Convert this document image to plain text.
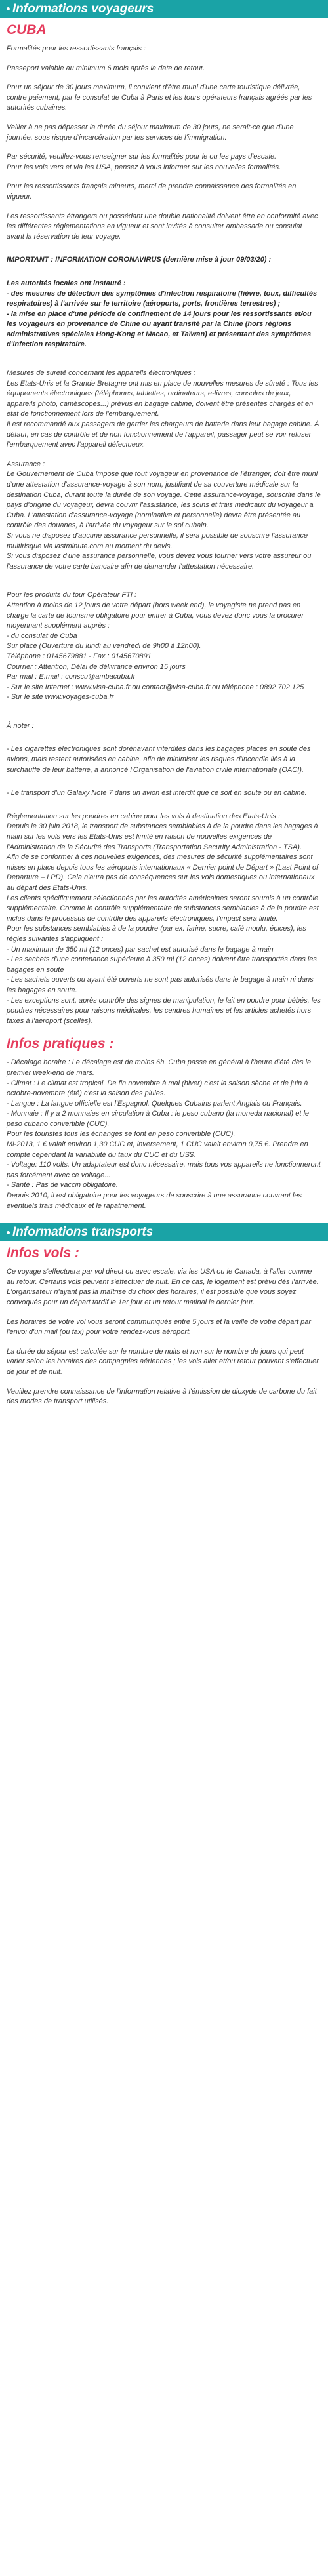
Informations voyageurs
CUBA

Formalités pour les ressortissants français :

Passeport valable au minimum 6 mois après la date de retour.

Pour un séjour de 30 jours maximum, il convient d'être muni d'une carte touristique délivrée, contre paiement, par le consulat de Cuba à Paris et les tours opérateurs français agréés par les autorités cubaines.

Veiller à ne pas dépasser la durée du séjour maximum de 30 jours, ne serait-ce que d'une journée, sous risque d'incarcération par les services de l'immigration.

Par sécurité, veuillez-vous renseigner sur les formalités pour le ou les pays d'escale.
Pour les vols vers et via les USA, pensez à vous informer sur les nouvelles formalités.

Pour les ressortissants français mineurs, merci de prendre connaissance des formalités en vigueur.

Les ressortissants étrangers ou possédant une double nationalité doivent être en conformité avec les différentes réglementations en vigueur et sont invités à consulter ambassade ou consulat avant la réservation de leur voyage.

IMPORTANT : INFORMATION CORONAVIRUS (dernière mise à jour 09/03/20) :

Les autorités locales ont instauré :
- des mesures de détection des symptômes d'infection respiratoire (fièvre, toux, difficultés respiratoires) à l'arrivée sur le territoire (aéroports, ports, frontières terrestres) ;
- la mise en place d'une période de confinement de 14 jours pour les ressortissants et/ou les voyageurs en provenance de Chine ou ayant transité par la Chine (hors régions administratives spéciales Hong-Kong et Macao, et Taïwan) et présentant des symptômes d'infection respiratoire.

Mesures de sureté concernant les appareils électroniques :
Les Etats-Unis et la Grande Bretagne ont mis en place de nouvelles mesures de sûreté : Tous les équipements électroniques (téléphones, tablettes, ordinateurs, e-livres, consoles de jeux, appareils photo, caméscopes...) prévus en bagage cabine, doivent être présentés chargés et en état de fonctionnement lors de l'embarquement.
Il est recommandé aux passagers de garder les chargeurs de batterie dans leur bagage cabine. À défaut, en cas de contrôle et de non fonctionnement de l'appareil, passager peut se voir refuser l'embarquement avec l'appareil défectueux.

Assurance :
Le Gouvernement de Cuba impose que tout voyageur en provenance de l'étranger, doit être muni d'une attestation d'assurance-voyage à son nom, justifiant de sa couverture médicale sur la destination Cuba, durant toute la durée de son voyage. Cette assurance-voyage, souscrite dans le pays d'origine du voyageur, devra couvrir l'assistance, les soins et frais médicaux du voyageur à Cuba. L'attestation d'assurance-voyage (nominative et personnelle) devra être présentée au contrôle des douanes, à l'arrivée du voyageur sur le sol cubain.
Si vous ne disposez d'aucune assurance personnelle, il sera possible de souscrire l'assurance multirisque via lastminute.com au moment du devis.
Si vous disposez d'une assurance personnelle, vous devez vous tourner vers votre assureur ou l'assurance de votre carte bancaire afin de demander l'attestation nécessaire.

Pour les produits du tour Opérateur FTI :
Attention à moins de 12 jours de votre départ (hors week end), le voyagiste ne prend pas en charge la carte de tourisme obligatoire pour entrer à Cuba, vous devez donc vous la procurer moyennant supplément auprès :
- du consulat de Cuba
Sur place (Ouverture du lundi au vendredi de 9h00 à 12h00).
Téléphone : 0145679881 - Fax : 0145670891
Courrier : Attention, Délai de délivrance environ 15 jours
Par mail : E.mail : conscu@ambacuba.fr
- Sur le site Internet : www.visa-cuba.fr ou contact@visa-cuba.fr ou téléphone : 0892 702 125
- Sur le site www.voyages-cuba.fr

À noter :

- Les cigarettes électroniques sont dorénavant interdites dans les bagages placés en soute des avions, mais restent autorisées en cabine, afin de minimiser les risques d'incendie liés à la surchauffe de leur batterie, a annoncé l'Organisation de l'aviation civile internationale (OACI).

- Le transport d'un Galaxy Note 7 dans un avion est interdit que ce soit en soute ou en cabine.

Réglementation sur les poudres en cabine pour les vols à destination des Etats-Unis :
Depuis le 30 juin 2018, le transport de substances semblables à de la poudre dans les bagages à main sur les vols vers les Etats-Unis est limité en raison de nouvelles exigences de l'Administration de la Sécurité des Transports (Transportation Security Administration - TSA).
Afin de se conformer à ces nouvelles exigences, des mesures de sécurité supplémentaires sont mises en place depuis tous les aéroports internationaux « Dernier point de Départ » (Last Point of Departure – LPD). Cela n'aura pas de conséquences sur les vols domestiques ou internationaux au départ des Etats-Unis.
Les clients spécifiquement sélectionnés par les autorités américaines seront soumis à un contrôle supplémentaire. Comme le contrôle supplémentaire de substances semblables à de la poudre est inclus dans le processus de contrôle des appareils électroniques, l'impact sera limité.
Pour les substances semblables à de la poudre (par ex. farine, sucre, café moulu, épices), les règles suivantes s'appliquent :
- Un maximum de 350 ml (12 onces) par sachet est autorisé dans le bagage à main
- Les sachets d'une contenance supérieure à 350 ml (12 onces) doivent être transportés dans les bagages en soute
- Les sachets ouverts ou ayant été ouverts ne sont pas autorisés dans le bagage à main ni dans les bagages en soute.
- Les exceptions sont, après contrôle des signes de manipulation, le lait en poudre pour bébés, les poudres nécessaires pour raisons médicales, les cendres humaines et les articles achetés hors taxes à l'aéroport (scellés).

Infos pratiques :

- Décalage horaire : Le décalage est de moins 6h. Cuba passe en général à l'heure d'été dès le premier week-end de mars.
- Climat : Le climat est tropical. De fin novembre à mai (hiver) c'est la saison sèche et de juin à octobre-novembre (été) c'est la saison des pluies.
- Langue : La langue officielle est l'Espagnol. Quelques Cubains parlent Anglais ou Français.
- Monnaie : Il y a 2 monnaies en circulation à Cuba : le peso cubano (la moneda nacional) et le peso cubano convertible (CUC).
Pour les touristes tous les échanges se font en peso convertible (CUC).
Mi-2013, 1 € valait environ 1,30 CUC et, inversement, 1 CUC valait environ 0,75 €. Prendre en compte cependant la variabilité du taux du CUC et du US$.
- Voltage: 110 volts. Un adaptateur est donc nécessaire, mais tous vos appareils ne fonctionneront pas forcément avec ce voltage...
- Santé : Pas de vaccin obligatoire.
Depuis 2010, il est obligatoire pour les voyageurs de souscrire à une assurance couvrant les éventuels frais médicaux et le rapatriement.

Informations transports
Infos vols :

Ce voyage s'effectuera par vol direct ou avec escale, via les USA ou le Canada, à l'aller comme au retour. Certains vols peuvent s'effectuer de nuit. En ce cas, le logement est prévu dès l'arrivée. L'organisateur n'ayant pas la maîtrise du choix des horaires, il est possible que vous soyez convoqués pour un départ tardif le 1er jour et un retour matinal le dernier jour.

Les horaires de votre vol vous seront communiqués entre 5 jours et la veille de votre départ par l'envoi d'un mail (ou fax) pour votre rendez-vous aéroport.

La durée du séjour est calculée sur le nombre de nuits et non sur le nombre de jours qui peut varier selon les horaires des compagnies aériennes ; les vols aller et/ou retour pouvant s'effectuer de jour et de nuit.

Veuillez prendre connaissance de l'information relative à l'émission de dioxyde de carbone du fait des modes de transport utilisés.
